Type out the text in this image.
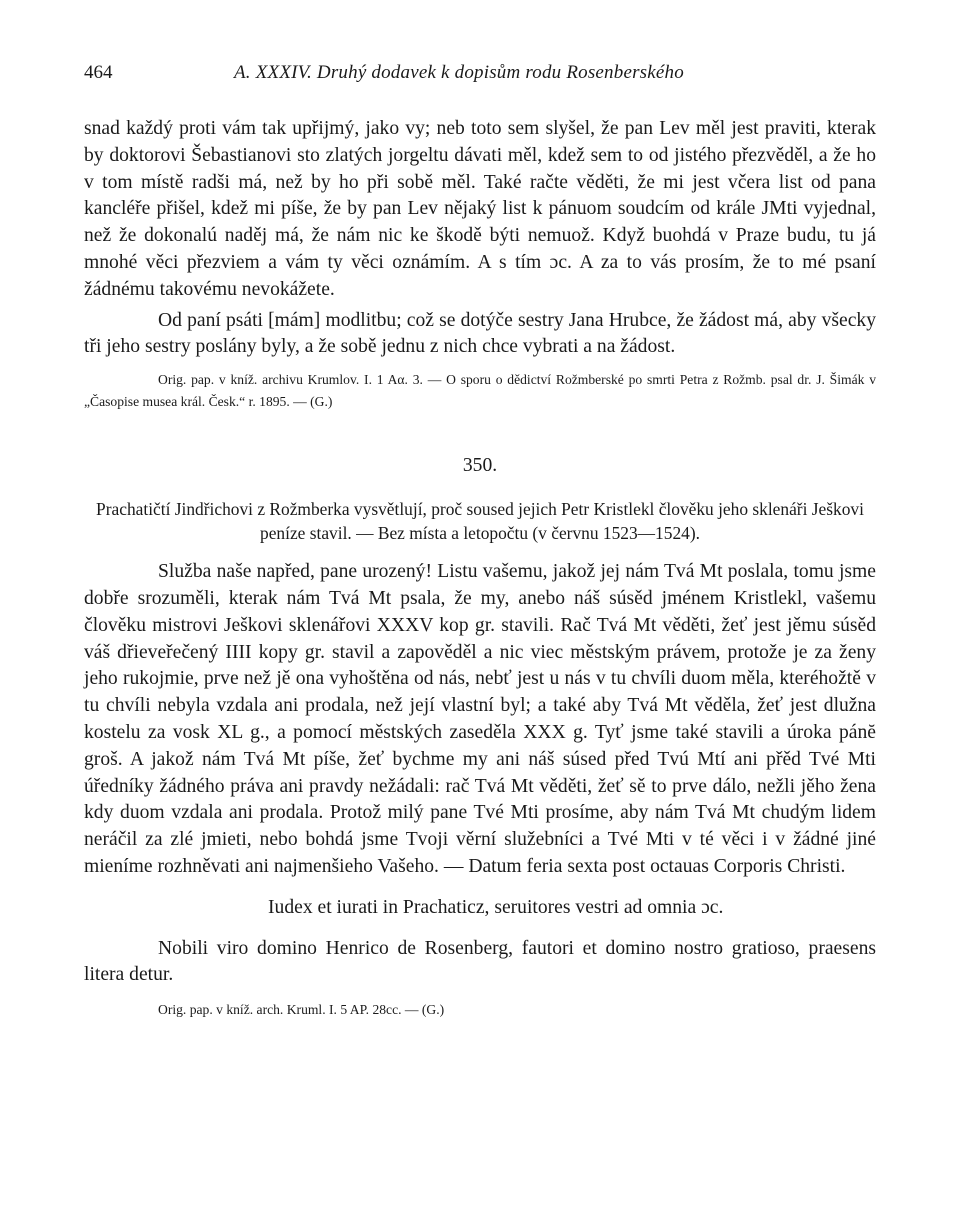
464	A. XXXIV. Druhý dodavek k dopisům rodu Rosenberského

snad každý proti vám tak upřijmý, jako vy; neb toto sem slyšel, že pan Lev měl jest praviti, kterak by doktorovi Šebastianovi sto zlatých jorgeltu dávati měl, kdež sem to od jistého přezvěděl, a že ho v tom místě radši má, než by ho při sobě měl. Také račte věděti, že mi jest včera list od pana kancléře přišel, kdež mi píše, že by pan Lev nějaký list k pánuom soudcím od krále JMti vyjednal, než že dokonalú naděj má, že nám nic ke škodě býti nemuož. Když buohdá v Praze budu, tu já mnohé věci přezviem a vám ty věci oznámím. A s tím ɔc. A za to vás prosím, že to mé psaní žádnému takovému nevokážete.

Od paní psáti [mám] modlitbu; což se dotýče sestry Jana Hrubce, že žádost má, aby všecky tři jeho sestry poslány byly, a že sobě jednu z nich chce vybrati a na žádost.

Orig. pap. v kníž. archivu Krumlov. I. 1 Aα. 3. — O sporu o dědictví Rožmberské po smrti Petra z Rožmb. psal dr. J. Šimák v „Časopise musea král. Česk.“ r. 1895. — (G.)

350.
Prachatičtí Jindřichovi z Rožmberka vysvětlují, proč soused jejich Petr Kristlekl člověku jeho sklenáři Ješkovi peníze stavil. — Bez místa a letopočtu (v červnu 1523—1524).

Služba naše napřed, pane urozený! Listu vašemu, jakož jej nám Tvá Mt poslala, tomu jsme dobře srozuměli, kterak nám Tvá Mt psala, že my, anebo náš súsěd jménem Kristlekl, vašemu člověku mistrovi Ješkovi sklenářovi XXXV kop gr. stavili. Rač Tvá Mt věděti, žeť jest jěmu súsěd váš dřieveřečený IIII kopy gr. stavil a zapověděl a nic viec městským právem, protože je za ženy jeho rukojmie, prve než jě ona vyhoštěna od nás, nebť jest u nás v tu chvíli duom měla, kteréhožtě v tu chvíli nebyla vzdala ani prodala, než její vlastní byl; a také aby Tvá Mt věděla, žeť jest dlužna kostelu za vosk XL g., a pomocí městských zaseděla XXX g. Tyť jsme také stavili a úroka pánĕ groš. A jakož nám Tvá Mt píše, žeť bychme my ani náš súsed před Tvú Mtí ani přěd Tvé Mti úředníky žádného práva ani pravdy nežádali: rač Tvá Mt věděti, žeť sě to prve dálo, nežli jěho žena kdy duom vzdala ani prodala. Protož milý pane Tvé Mti prosíme, aby nám Tvá Mt chudým lidem neráčil za zlé jmieti, nebo bohdá jsme Tvoji věrní služebníci a Tvé Mti v té věci i v žádné jiné mieníme rozhněvati ani najmenšieho Vašeho. — Datum feria sexta post octauas Corporis Christi.

Iudex et iurati in Prachaticz, seruitores vestri ad omnia ɔc.

Nobili viro domino Henrico de Rosenberg, fautori et domino nostro gratioso, praesens litera detur.

Orig. pap. v kníž. arch. Kruml. I. 5 AP. 28cc. — (G.)
